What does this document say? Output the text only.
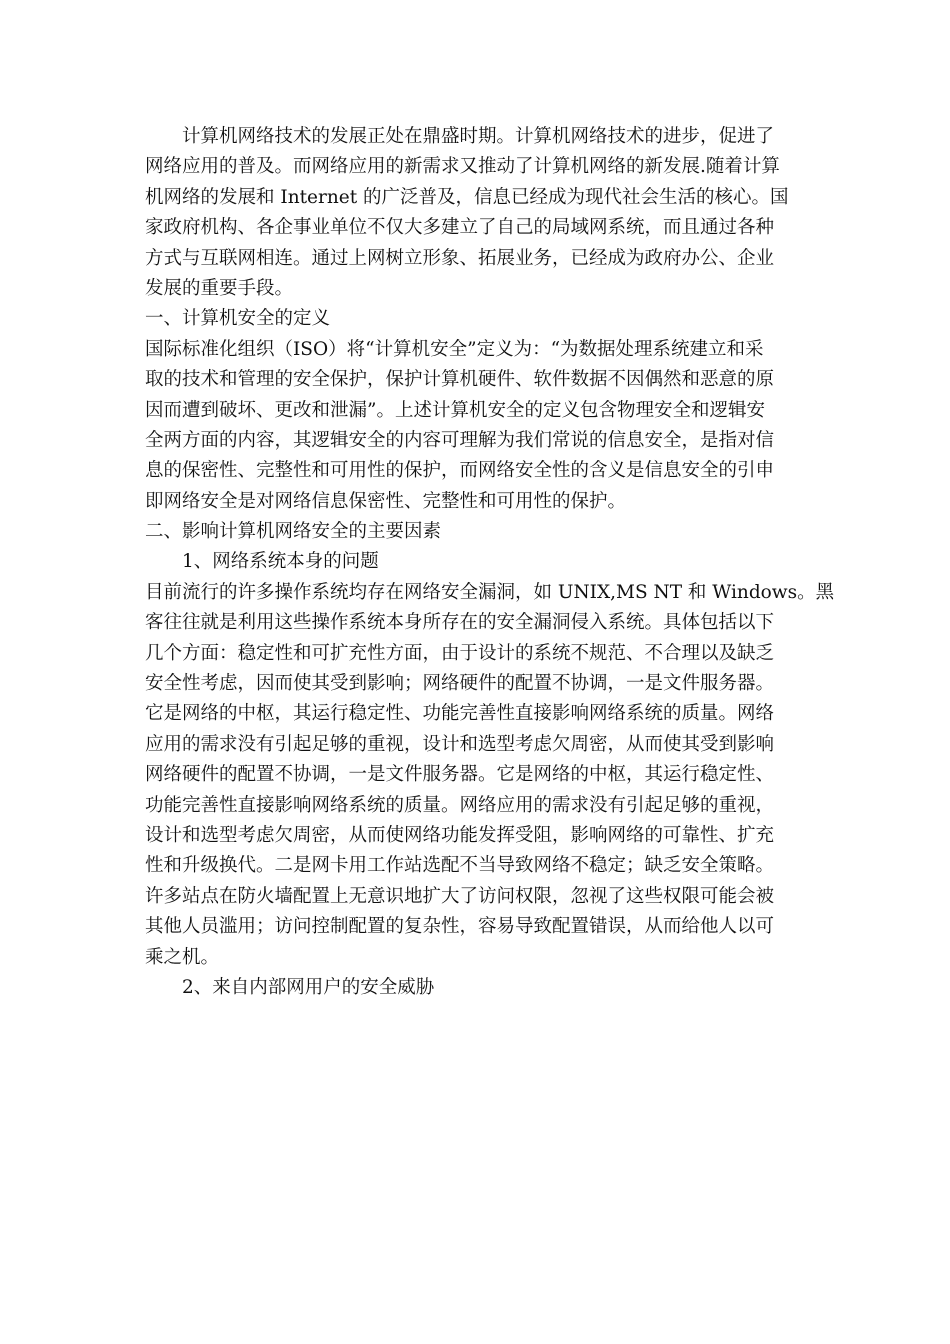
计算机网络技术的发展正处在鼎盛时期。计算机网络技术的进步，促进了
网络应用的普及。而网络应用的新需求又推动了计算机网络的新发展.随着计算
机网络的发展和 Internet 的广泛普及，信息已经成为现代社会生活的核心。国
家政府机构、各企事业单位不仅大多建立了自己的局域网系统，而且通过各种
方式与互联网相连。通过上网树立形象、拓展业务，已经成为政府办公、企业
发展的重要手段。
一、计算机安全的定义
国际标准化组织（ISO）将“计算机安全”定义为：“为数据处理系统建立和采
取的技术和管理的安全保护，保护计算机硬件、软件数据不因偶然和恶意的原
因而遭到破坏、更改和泄漏”。上述计算机安全的定义包含物理安全和逻辑安
全两方面的内容，其逻辑安全的内容可理解为我们常说的信息安全，是指对信
息的保密性、完整性和可用性的保护，而网络安全性的含义是信息安全的引申
即网络安全是对网络信息保密性、完整性和可用性的保护。
二、影响计算机网络安全的主要因素
1、网络系统本身的问题
目前流行的许多操作系统均存在网络安全漏洞，如 UNIX,MS NT 和 Windows。黑
客往往就是利用这些操作系统本身所存在的安全漏洞侵入系统。具体包括以下
几个方面：稳定性和可扩充性方面，由于设计的系统不规范、不合理以及缺乏
安全性考虑，因而使其受到影响；网络硬件的配置不协调，一是文件服务器。
它是网络的中枢，其运行稳定性、功能完善性直接影响网络系统的质量。网络
应用的需求没有引起足够的重视，设计和选型考虑欠周密，从而使其受到影响
网络硬件的配置不协调，一是文件服务器。它是网络的中枢，其运行稳定性、
功能完善性直接影响网络系统的质量。网络应用的需求没有引起足够的重视，
设计和选型考虑欠周密，从而使网络功能发挥受阻，影响网络的可靠性、扩充
性和升级换代。二是网卡用工作站选配不当导致网络不稳定；缺乏安全策略。
许多站点在防火墙配置上无意识地扩大了访问权限，忽视了这些权限可能会被
其他人员滥用；访问控制配置的复杂性，容易导致配置错误，从而给他人以可
乘之机。
2、来自内部网用户的安全威胁
